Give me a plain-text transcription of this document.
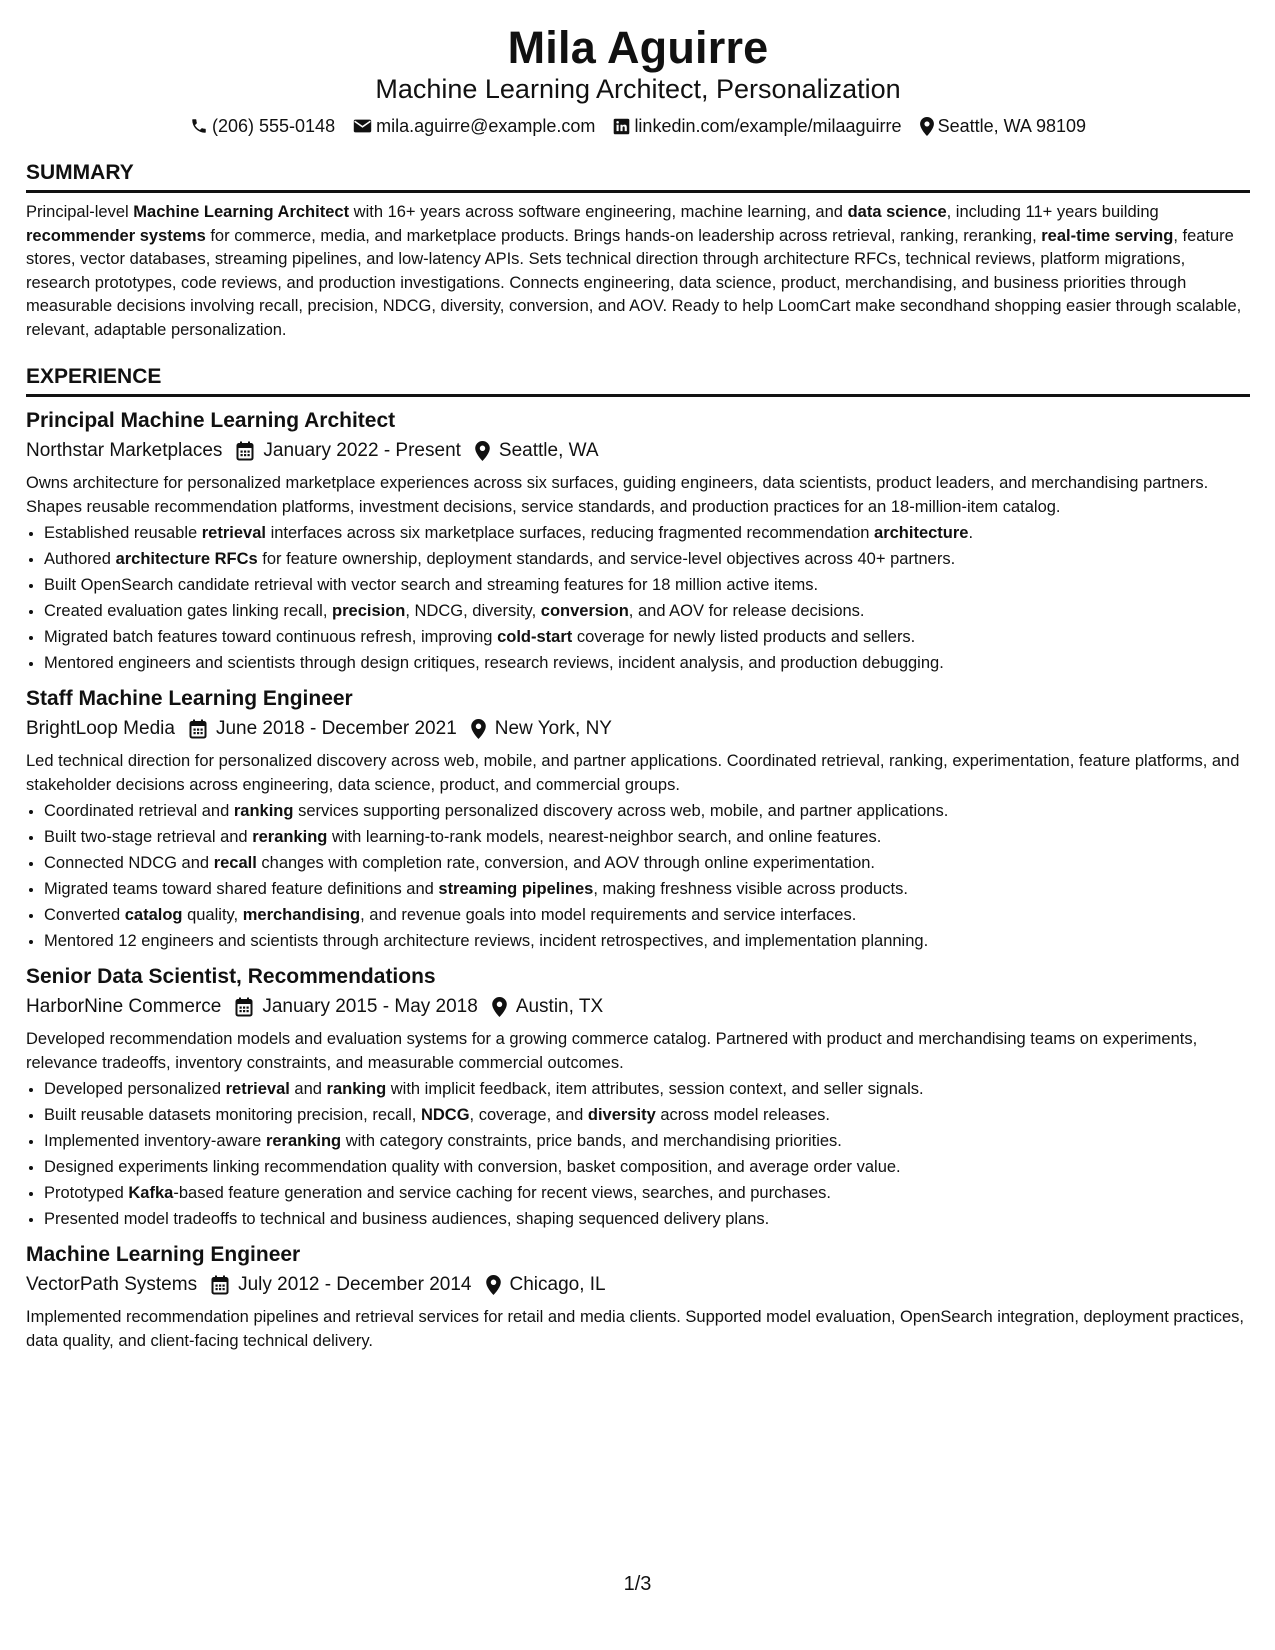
Mila Aguirre
Machine Learning Architect, Personalization
(206) 555-0148 mila.aguirre@example.com linkedin.com/example/milaaguirre Seattle, WA 98109
SUMMARY
Principal-level Machine Learning Architect with 16+ years across software engineering, machine learning, and data science, including 11+ years building recommender systems for commerce, media, and marketplace products. Brings hands-on leadership across retrieval, ranking, reranking, real-time serving, feature stores, vector databases, streaming pipelines, and low-latency APIs. Sets technical direction through architecture RFCs, technical reviews, platform migrations, research prototypes, code reviews, and production investigations. Connects engineering, data science, product, merchandising, and business priorities through measurable decisions involving recall, precision, NDCG, diversity, conversion, and AOV. Ready to help LoomCart make secondhand shopping easier through scalable, relevant, adaptable personalization.
EXPERIENCE
Principal Machine Learning Architect
Northstar Marketplaces January 2022 - Present Seattle, WA
Owns architecture for personalized marketplace experiences across six surfaces, guiding engineers, data scientists, product leaders, and merchandising partners. Shapes reusable recommendation platforms, investment decisions, service standards, and production practices for an 18-million-item catalog.
• Established reusable retrieval interfaces across six marketplace surfaces, reducing fragmented recommendation architecture.
• Authored architecture RFCs for feature ownership, deployment standards, and service-level objectives across 40+ partners.
• Built OpenSearch candidate retrieval with vector search and streaming features for 18 million active items.
• Created evaluation gates linking recall, precision, NDCG, diversity, conversion, and AOV for release decisions.
• Migrated batch features toward continuous refresh, improving cold-start coverage for newly listed products and sellers.
• Mentored engineers and scientists through design critiques, research reviews, incident analysis, and production debugging.
Staff Machine Learning Engineer
BrightLoop Media June 2018 - December 2021 New York, NY
Led technical direction for personalized discovery across web, mobile, and partner applications. Coordinated retrieval, ranking, experimentation, feature platforms, and stakeholder decisions across engineering, data science, product, and commercial groups.
• Coordinated retrieval and ranking services supporting personalized discovery across web, mobile, and partner applications.
• Built two-stage retrieval and reranking with learning-to-rank models, nearest-neighbor search, and online features.
• Connected NDCG and recall changes with completion rate, conversion, and AOV through online experimentation.
• Migrated teams toward shared feature definitions and streaming pipelines, making freshness visible across products.
• Converted catalog quality, merchandising, and revenue goals into model requirements and service interfaces.
• Mentored 12 engineers and scientists through architecture reviews, incident retrospectives, and implementation planning.
Senior Data Scientist, Recommendations
HarborNine Commerce January 2015 - May 2018 Austin, TX
Developed recommendation models and evaluation systems for a growing commerce catalog. Partnered with product and merchandising teams on experiments, relevance tradeoffs, inventory constraints, and measurable commercial outcomes.
• Developed personalized retrieval and ranking with implicit feedback, item attributes, session context, and seller signals.
• Built reusable datasets monitoring precision, recall, NDCG, coverage, and diversity across model releases.
• Implemented inventory-aware reranking with category constraints, price bands, and merchandising priorities.
• Designed experiments linking recommendation quality with conversion, basket composition, and average order value.
• Prototyped Kafka-based feature generation and service caching for recent views, searches, and purchases.
• Presented model tradeoffs to technical and business audiences, shaping sequenced delivery plans.
Machine Learning Engineer
VectorPath Systems July 2012 - December 2014 Chicago, IL
Implemented recommendation pipelines and retrieval services for retail and media clients. Supported model evaluation, OpenSearch integration, deployment practices, data quality, and client-facing technical delivery.
1/3
